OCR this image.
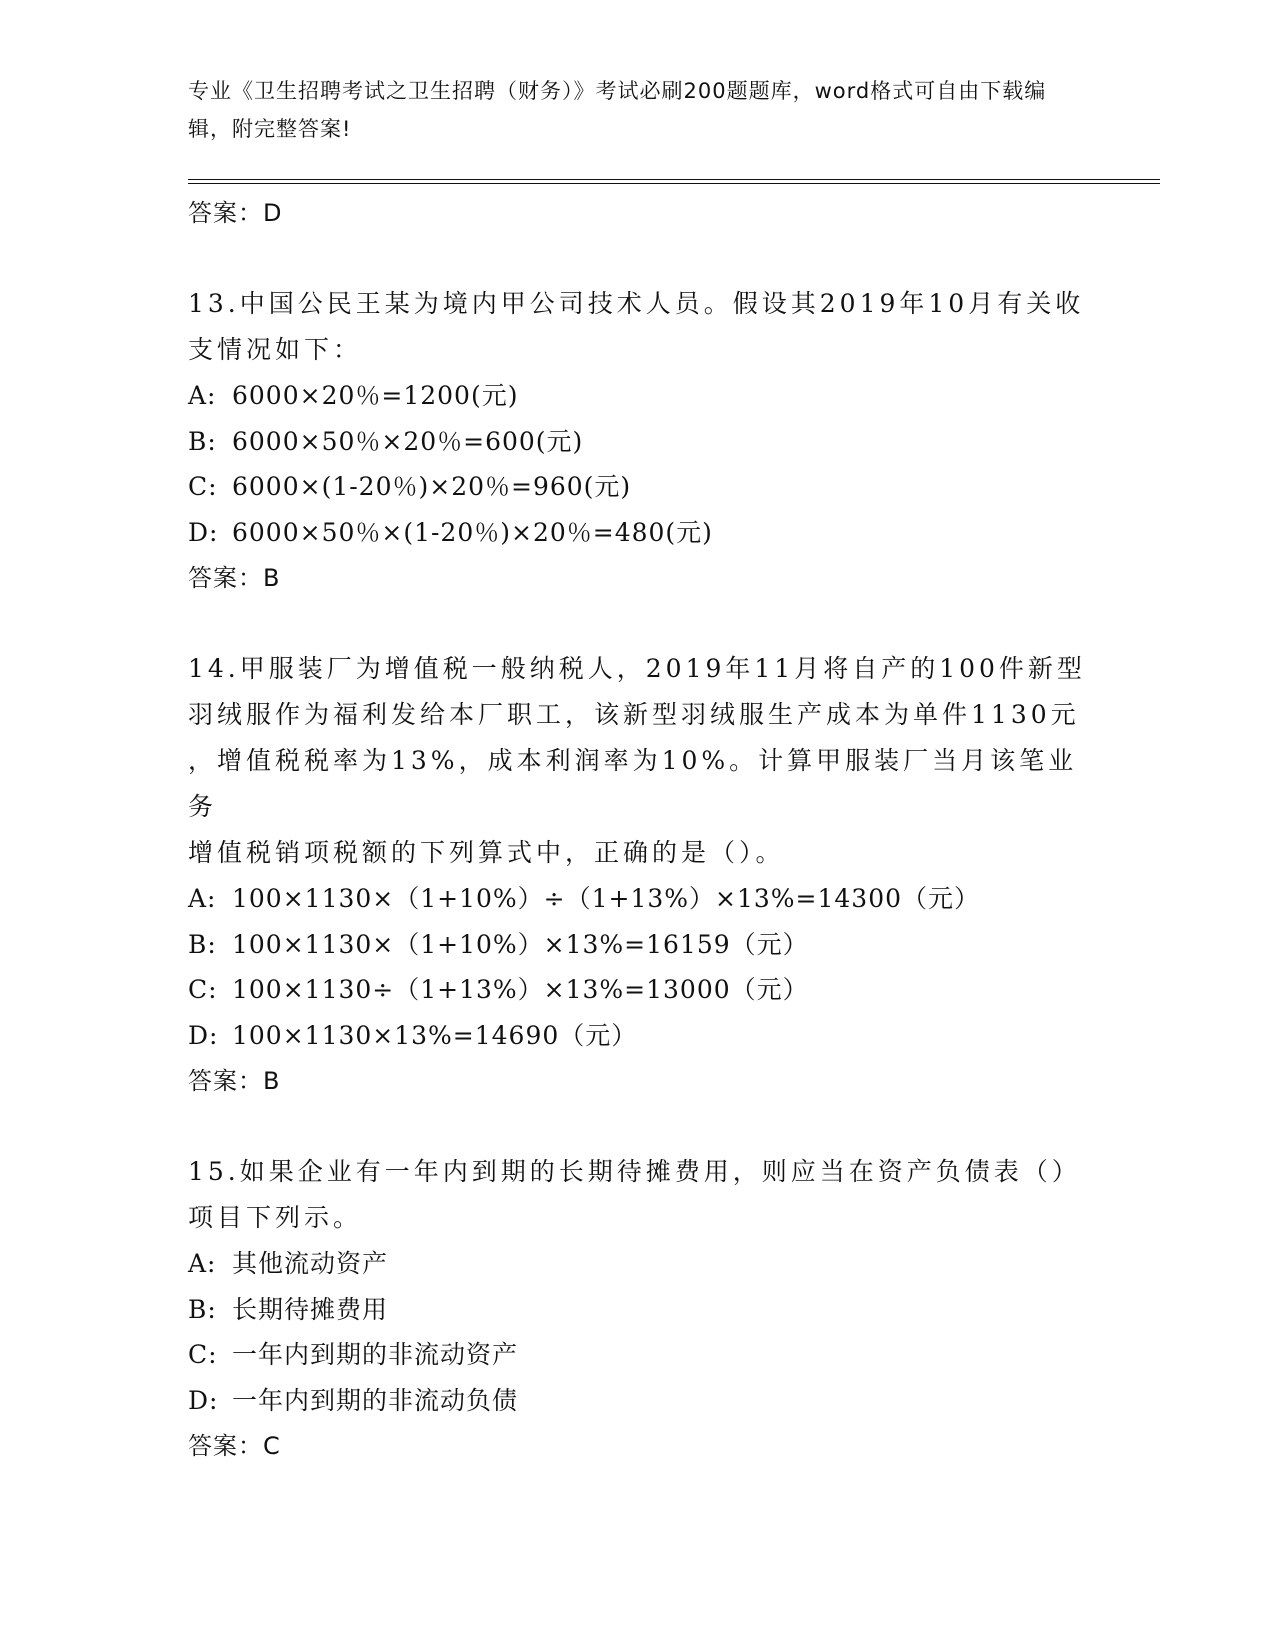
专业《卫生招聘考试之卫生招聘（财务）》考试必刷200题题库，word格式可自由下载编辑，附完整答案!
答案：D
13.中国公民王某为境内甲公司技术人员。假设其2019年10月有关收
支情况如下：
A: 6000×20％=1200(元)
B: 6000×50％×20％=600(元)
C: 6000×(1-20％)×20％=960(元)
D: 6000×50％×(1-20％)×20％=480(元)
答案：B
14.甲服装厂为增值税一般纳税人，2019年11月将自产的100件新型
羽绒服作为福利发给本厂职工，该新型羽绒服生产成本为单件1130元
，增值税税率为13%，成本利润率为10%。计算甲服装厂当月该笔业务
增值税销项税额的下列算式中，正确的是（）。
A: 100×1130×（1+10%）÷（1+13%）×13%=14300（元）
B: 100×1130×（1+10%）×13%=16159（元）
C: 100×1130÷（1+13%）×13%=13000（元）
D: 100×1130×13%=14690（元）
答案：B
15.如果企业有一年内到期的长期待摊费用，则应当在资产负债表（）
项目下列示。
A: 其他流动资产
B: 长期待摊费用
C: 一年内到期的非流动资产
D: 一年内到期的非流动负债
答案：C
